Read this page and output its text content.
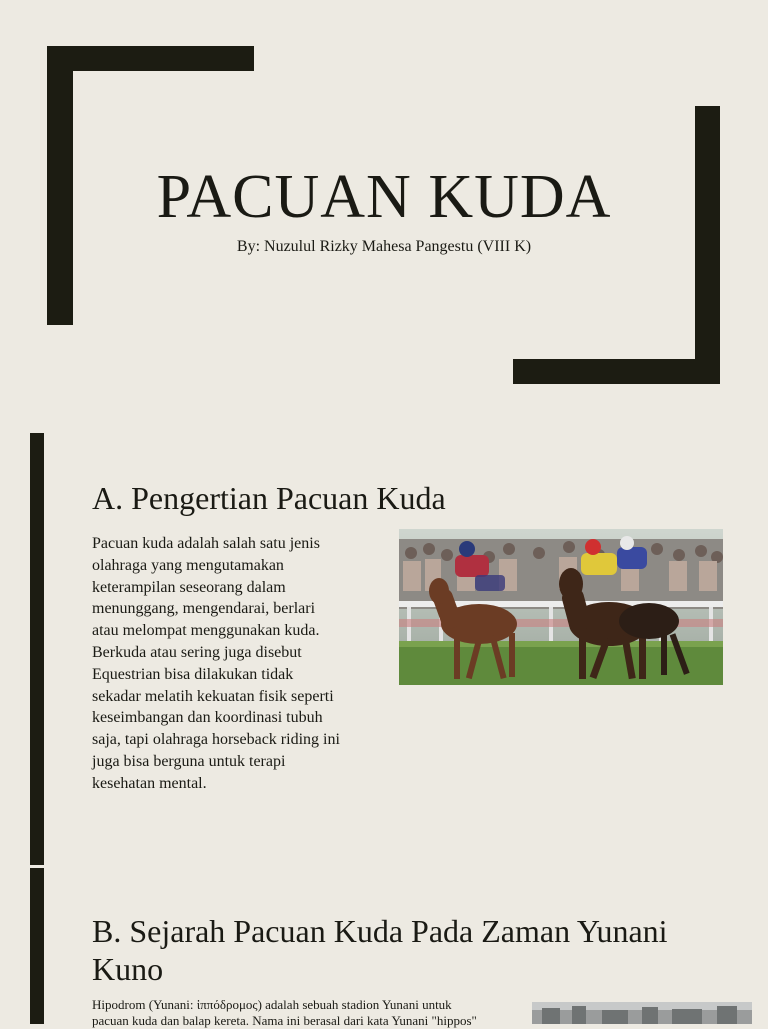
PACUAN KUDA
By: Nuzulul Rizky Mahesa Pangestu (VIII K)
A. Pengertian Pacuan Kuda
Pacuan kuda adalah salah satu jenis
olahraga yang mengutamakan
keterampilan seseorang dalam
menunggang, mengendarai, berlari
atau melompat menggunakan kuda.
Berkuda atau sering juga disebut
Equestrian bisa dilakukan tidak
sekadar melatih kekuatan fisik seperti
keseimbangan dan koordinasi tubuh
saja, tapi olahraga horseback riding ini
juga bisa berguna untuk terapi
kesehatan mental.
B. Sejarah Pacuan Kuda Pada Zaman Yunani Kuno
Hipodrom (Yunani: ἱππόδρομος) adalah sebuah stadion Yunani untuk
pacuan kuda dan balap kereta. Nama ini berasal dari kata Yunani "hippos"
